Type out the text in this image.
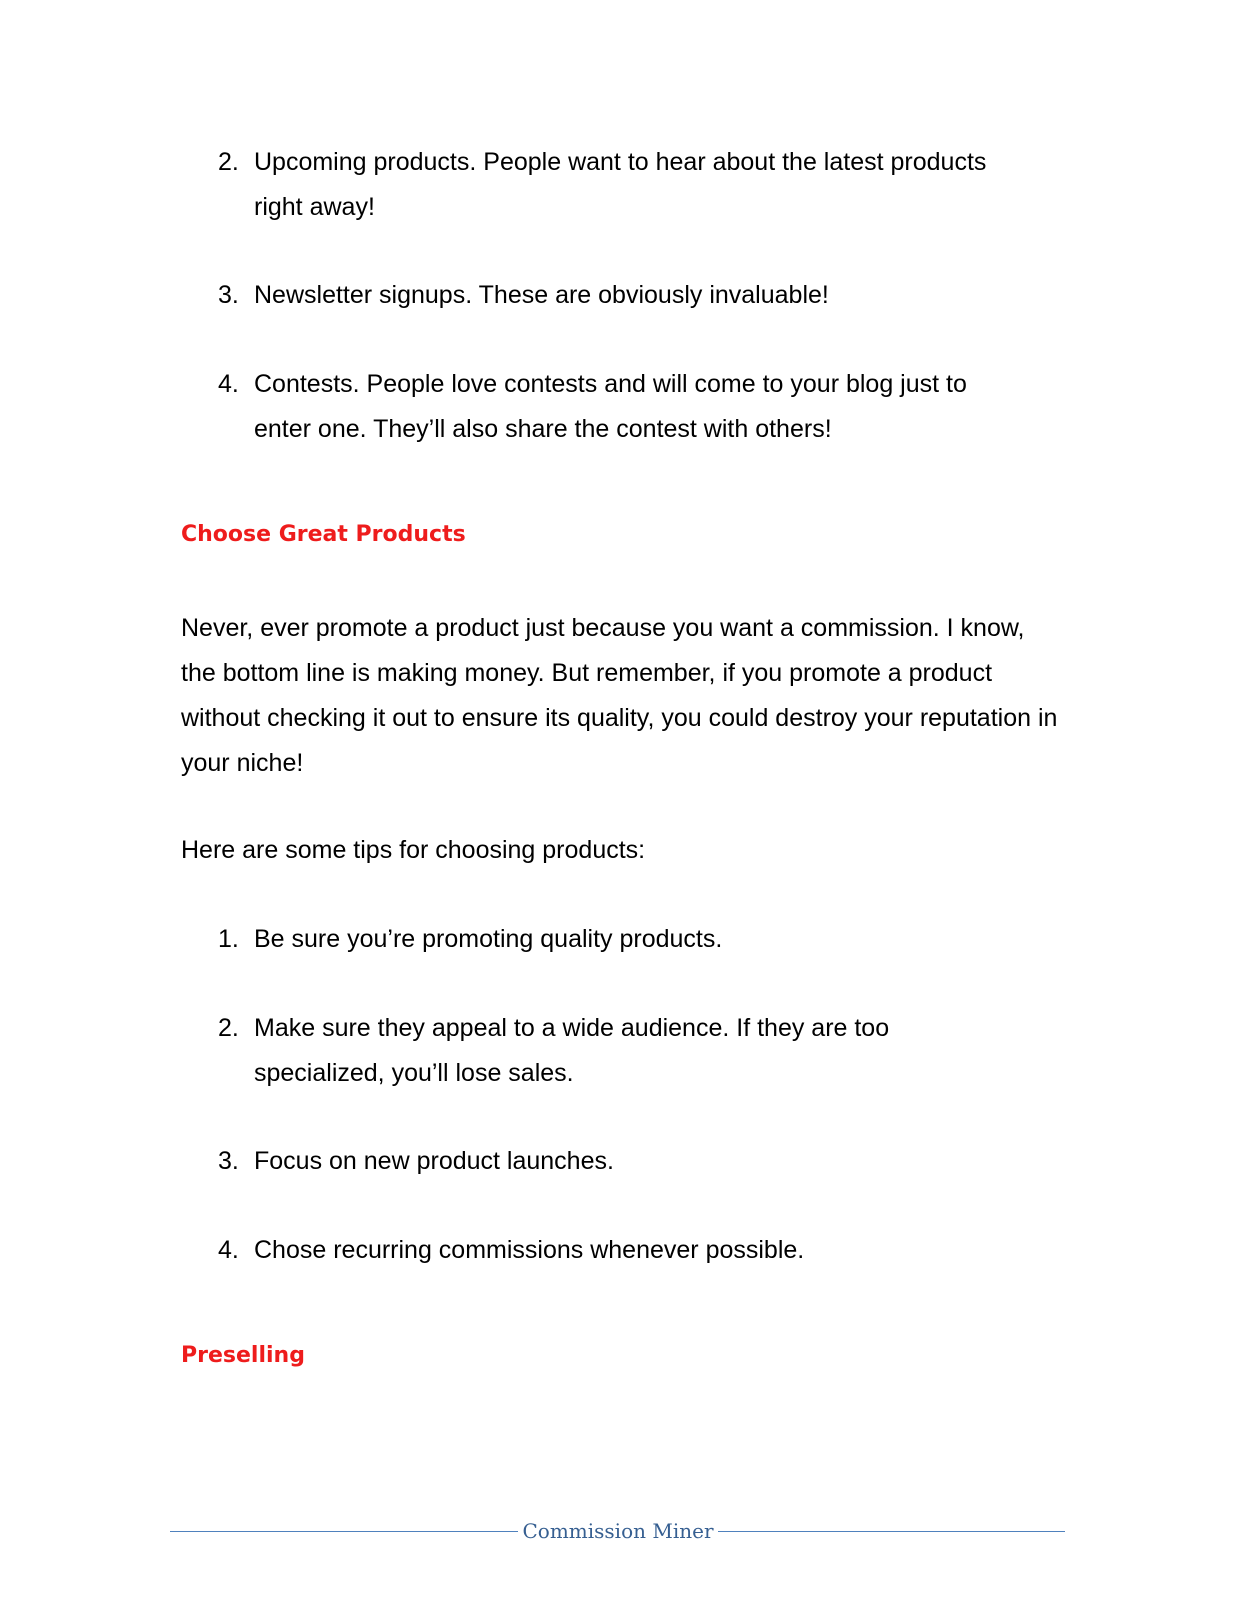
2. Upcoming products. People want to hear about the latest products right away!
3. Newsletter signups. These are obviously invaluable!
4. Contests. People love contests and will come to your blog just to enter one. They’ll also share the contest with others!
Choose Great Products
Never, ever promote a product just because you want a commission. I know, the bottom line is making money. But remember, if you promote a product without checking it out to ensure its quality, you could destroy your reputation in your niche!
Here are some tips for choosing products:
1. Be sure you’re promoting quality products.
2. Make sure they appeal to a wide audience. If they are too specialized, you’ll lose sales.
3. Focus on new product launches.
4. Chose recurring commissions whenever possible.
Preselling
Commission Miner
